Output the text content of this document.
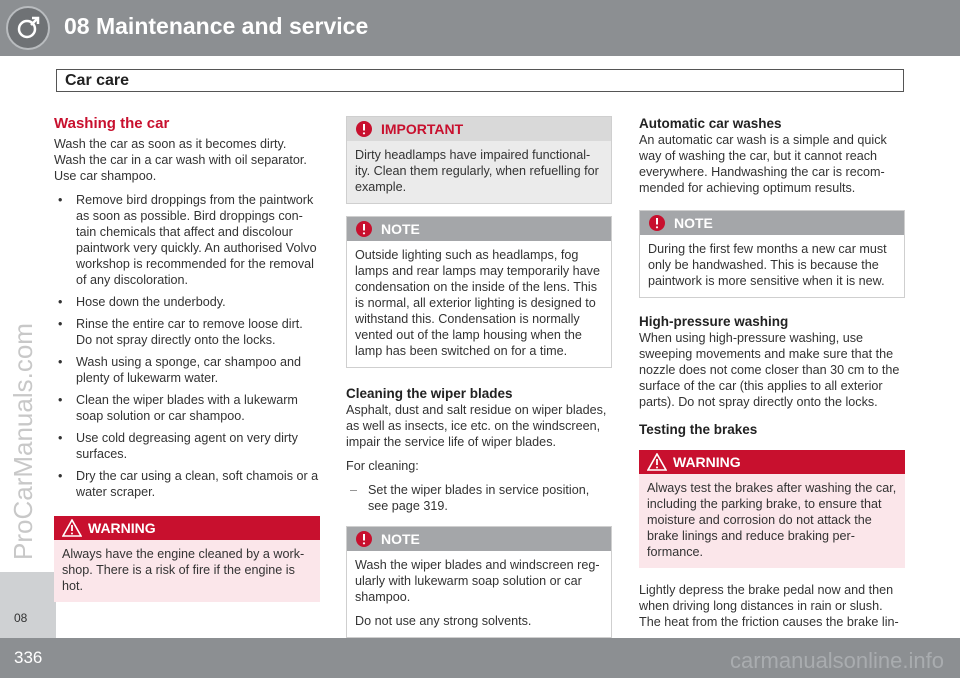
08 Maintenance and service
Car care
08
ProCarManuals.com
Washing the car

Wash the car as soon as it becomes dirty. Wash the car in a car wash with oil separator. Use car shampoo.

• Remove bird droppings from the paintwork as soon as possible. Bird droppings con-tain chemicals that affect and discolour paintwork very quickly. An authorised Volvo workshop is recommended for the removal of any discoloration.
• Hose down the underbody.
• Rinse the entire car to remove loose dirt. Do not spray directly onto the locks.
• Wash using a sponge, car shampoo and plenty of lukewarm water.
• Clean the wiper blades with a lukewarm soap solution or car shampoo.
• Use cold degreasing agent on very dirty surfaces.
• Dry the car using a clean, soft chamois or a water scraper.
WARNING
Always have the engine cleaned by a work-shop. There is a risk of fire if the engine is hot.
IMPORTANT
Dirty headlamps have impaired functional-ity. Clean them regularly, when refuelling for example.
NOTE
Outside lighting such as headlamps, fog lamps and rear lamps may temporarily have condensation on the inside of the lens. This is normal, all exterior lighting is designed to withstand this. Condensation is normally vented out of the lamp housing when the lamp has been switched on for a time.
Cleaning the wiper blades

Asphalt, dust and salt residue on wiper blades, as well as insects, ice etc. on the windscreen, impair the service life of wiper blades.

For cleaning:

– Set the wiper blades in service position, see page 319.
NOTE

Wash the wiper blades and windscreen reg-ularly with lukewarm soap solution or car shampoo.

Do not use any strong solvents.

Automatic car washes

An automatic car wash is a simple and quick way of washing the car, but it cannot reach everywhere. Handwashing the car is recom-mended for achieving optimum results.

NOTE
During the first few months a new car must only be handwashed. This is because the paintwork is more sensitive when it is new.
High-pressure washing

When using high-pressure washing, use sweeping movements and make sure that the nozzle does not come closer than 30 cm to the surface of the car (this applies to all exterior parts). Do not spray directly onto the locks.

Testing the brakes
WARNING
Always test the brakes after washing the car, including the parking brake, to ensure that moisture and corrosion do not attack the brake linings and reduce braking per-formance.

Lightly depress the brake pedal now and then when driving long distances in rain or slush. The heat from the friction causes the brake lin-

336	carmanualsonline.info
